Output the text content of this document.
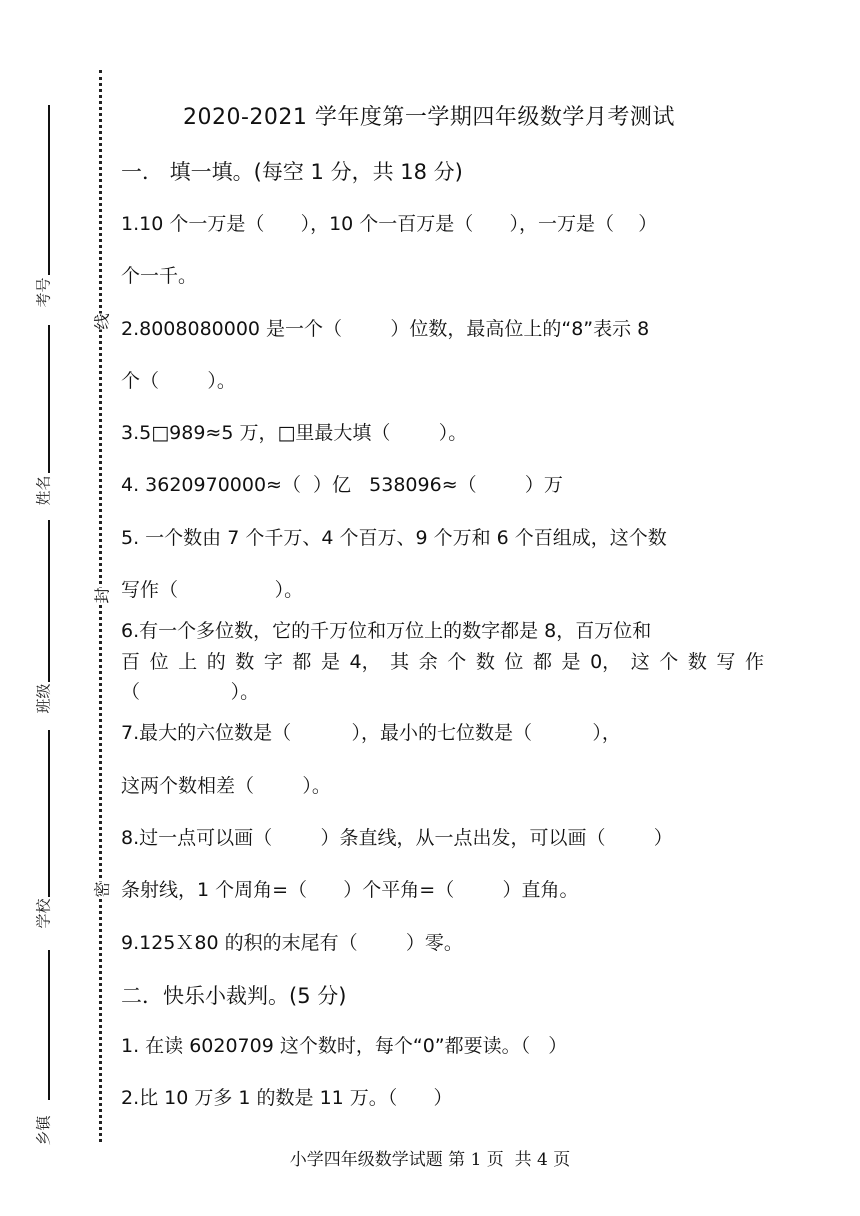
考号
姓名
班级
学校
乡镇
线
封
密
2020-2021 学年度第一学期四年级数学月考测试
一． 填一填。(每空 1 分，共 18 分)
1.10 个一万是（      ），10 个一百万是（      ），一万是（    ）
个一千。
2.8008080000 是一个（        ）位数，最高位上的“8”表示 8
个（        ）。
3.5□989≈5 万，□里最大填（        ）。
4. 3620970000≈（  ）亿   538096≈（        ）万
5. 一个数由 7 个千万、4 个百万、9 个万和 6 个百组成，这个数
写作（                ）。
6.有一个多位数，它的千万位和万位上的数字都是 8，百万位和
百 位 上 的 数 字 都 是 4， 其 余 个 数 位 都 是 0， 这 个 数 写 作
（               ）。
7.最大的六位数是（          ），最小的七位数是（          ），
这两个数相差（        ）。
8.过一点可以画（        ）条直线，从一点出发，可以画（        ）
条射线，1 个周角=（      ）个平角=（        ）直角。
9.125Ｘ80 的积的末尾有（        ）零。
二．快乐小裁判。(5 分)
1. 在读 6020709 这个数时，每个“0”都要读。（   ）
2.比 10 万多 1 的数是 11 万。（      ）
小学四年级数学试题 第 1 页  共 4 页
